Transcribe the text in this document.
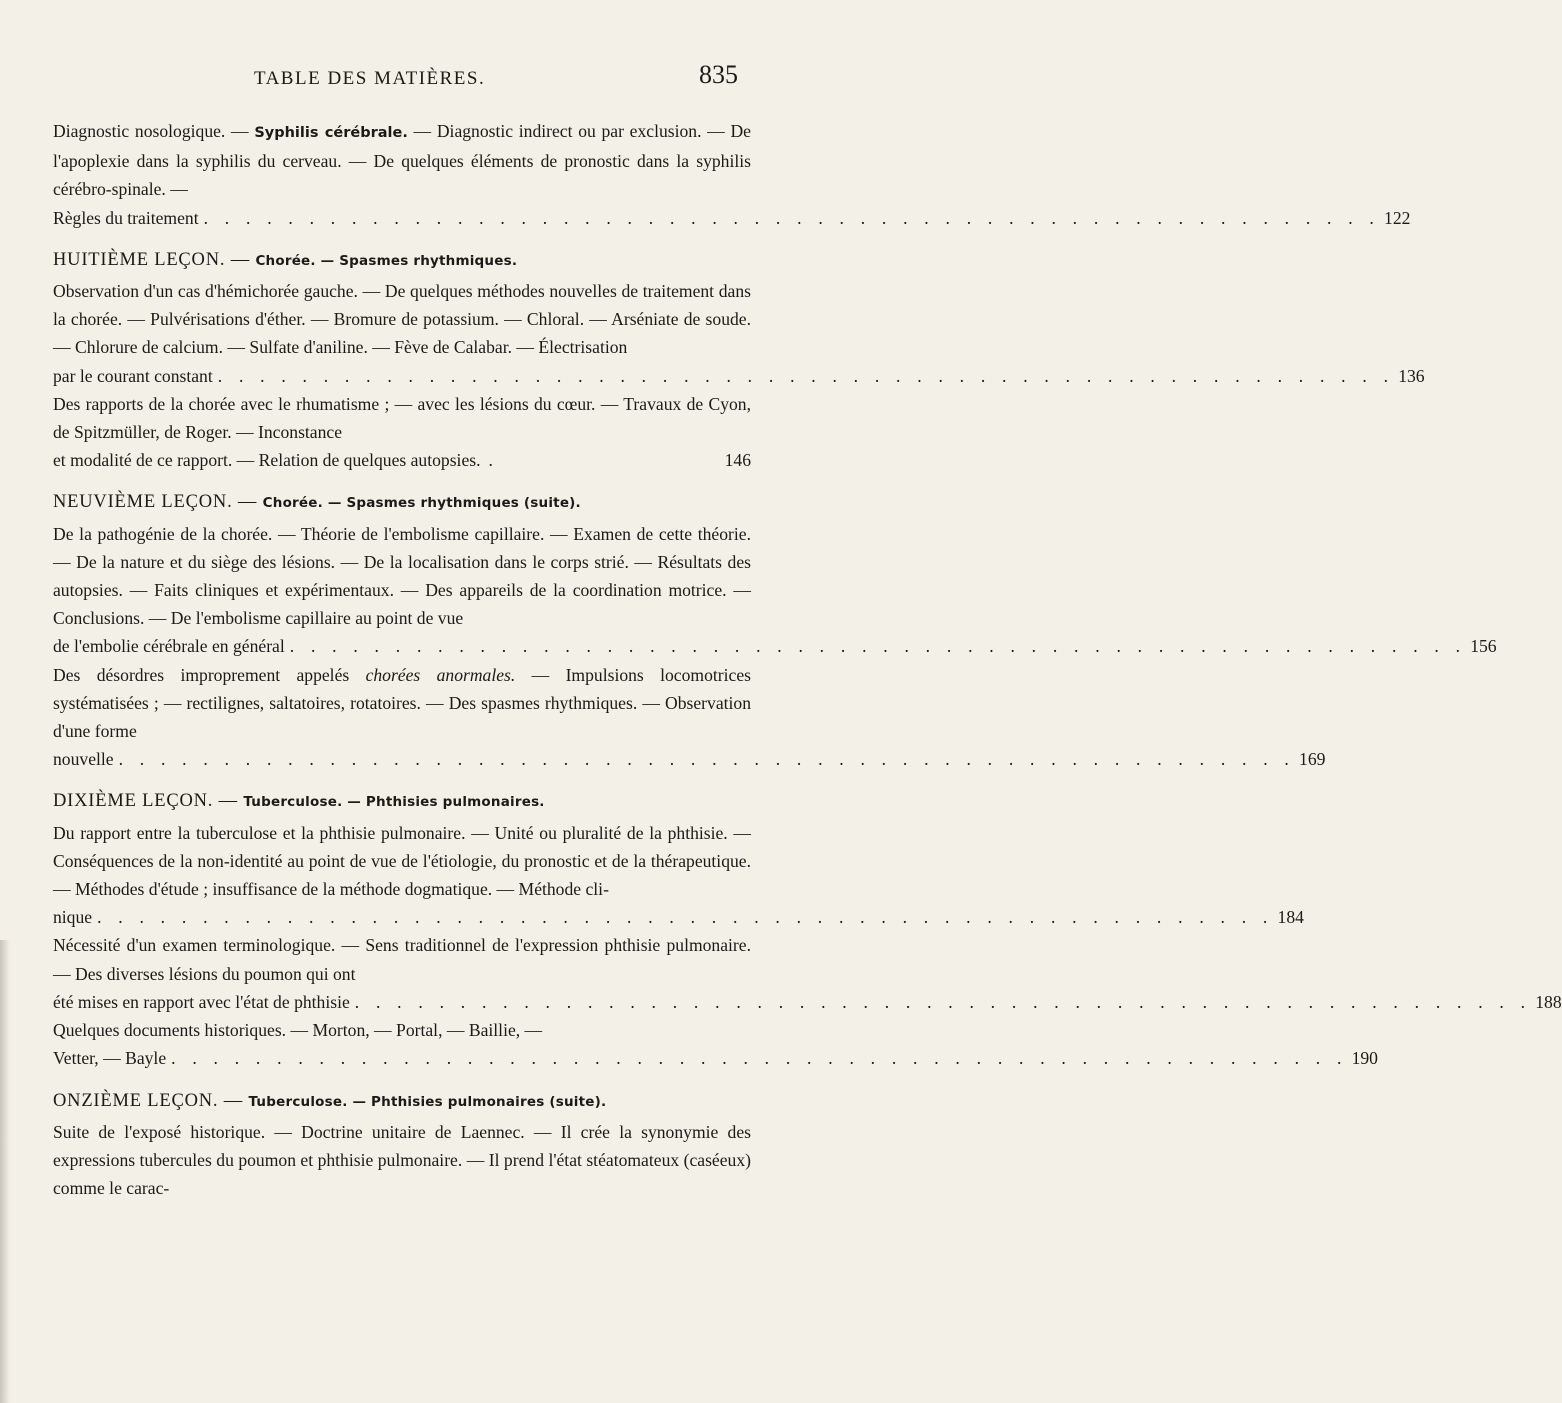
TABLE DES MATIÈRES.	835

Diagnostic nosologique. — Syphilis cérébrale. — Diagnostic indirect ou par exclusion. — De l'apoplexie dans la syphilis du cerveau. — De quelques éléments de pronostic dans la syphilis cérébro-spinale. —

Règles du traitement . . . . . . . . . . . . . . . . . . . . . . . . . . . . . . . . . . . . . . . . . . . . . . . . . . . . . . . . 122
HUITIÈME LEÇON. — Chorée. — Spasmes rhythmiques.

Observation d'un cas d'hémichorée gauche. — De quelques méthodes nouvelles de traitement dans la chorée. — Pulvérisations d'éther. — Bromure de potassium. — Chloral. — Arséniate de soude. — Chlorure de calcium. — Sulfate d'aniline. — Fève de Calabar. — Électrisation

par le courant constant . . . . . . . . . . . . . . . . . . . . . . . . . . . . . . . . . . . . . . . . . . . . . . . . . . . . . . . . 136

Des rapports de la chorée avec le rhumatisme ; — avec les lésions du cœur. — Travaux de Cyon, de Spitzmüller, de Roger. — Inconstance

et modalité de ce rapport. — Relation de quelques autopsies. .	146
NEUVIÈME LEÇON. — Chorée. — Spasmes rhythmiques (suite).

De la pathogénie de la chorée. — Théorie de l'embolisme capillaire. — Examen de cette théorie. — De la nature et du siège des lésions. — De la localisation dans le corps strié. — Résultats des autopsies. — Faits cliniques et expérimentaux. — Des appareils de la coordination motrice. — Conclusions. — De l'embolisme capillaire au point de vue

de l'embolie cérébrale en général . . . . . . . . . . . . . . . . . . . . . . . . . . . . . . . . . . . . . . . . . . . . . . . . . . . . . . . . 156

Des désordres improprement appelés chorées anormales. — Impulsions locomotrices systématisées ; — rectilignes, saltatoires, rotatoires. — Des spasmes rhythmiques. — Observation d'une forme

nouvelle . . . . . . . . . . . . . . . . . . . . . . . . . . . . . . . . . . . . . . . . . . . . . . . . . . . . . . . . 169
DIXIÈME LEÇON. — Tuberculose. — Phthisies pulmonaires.

Du rapport entre la tuberculose et la phthisie pulmonaire. — Unité ou pluralité de la phthisie. — Conséquences de la non-identité au point de vue de l'étiologie, du pronostic et de la thérapeutique. — Méthodes d'étude ; insuffisance de la méthode dogmatique. — Méthode cli-

nique . . . . . . . . . . . . . . . . . . . . . . . . . . . . . . . . . . . . . . . . . . . . . . . . . . . . . . . . 184

Nécessité d'un examen terminologique. — Sens traditionnel de l'expression phthisie pulmonaire. — Des diverses lésions du poumon qui ont

été mises en rapport avec l'état de phthisie . . . . . . . . . . . . . . . . . . . . . . . . . . . . . . . . . . . . . . . . . . . . . . . . . . . . . . . . 188

Quelques documents historiques. — Morton, — Portal, — Baillie, —

Vetter, — Bayle . . . . . . . . . . . . . . . . . . . . . . . . . . . . . . . . . . . . . . . . . . . . . . . . . . . . . . . . 190
ONZIÈME LEÇON. — Tuberculose. — Phthisies pulmonaires (suite).

Suite de l'exposé historique. — Doctrine unitaire de Laennec. — Il crée la synonymie des expressions tubercules du poumon et phthisie pulmonaire. — Il prend l'état stéatomateux (caséeux) comme le carac-
